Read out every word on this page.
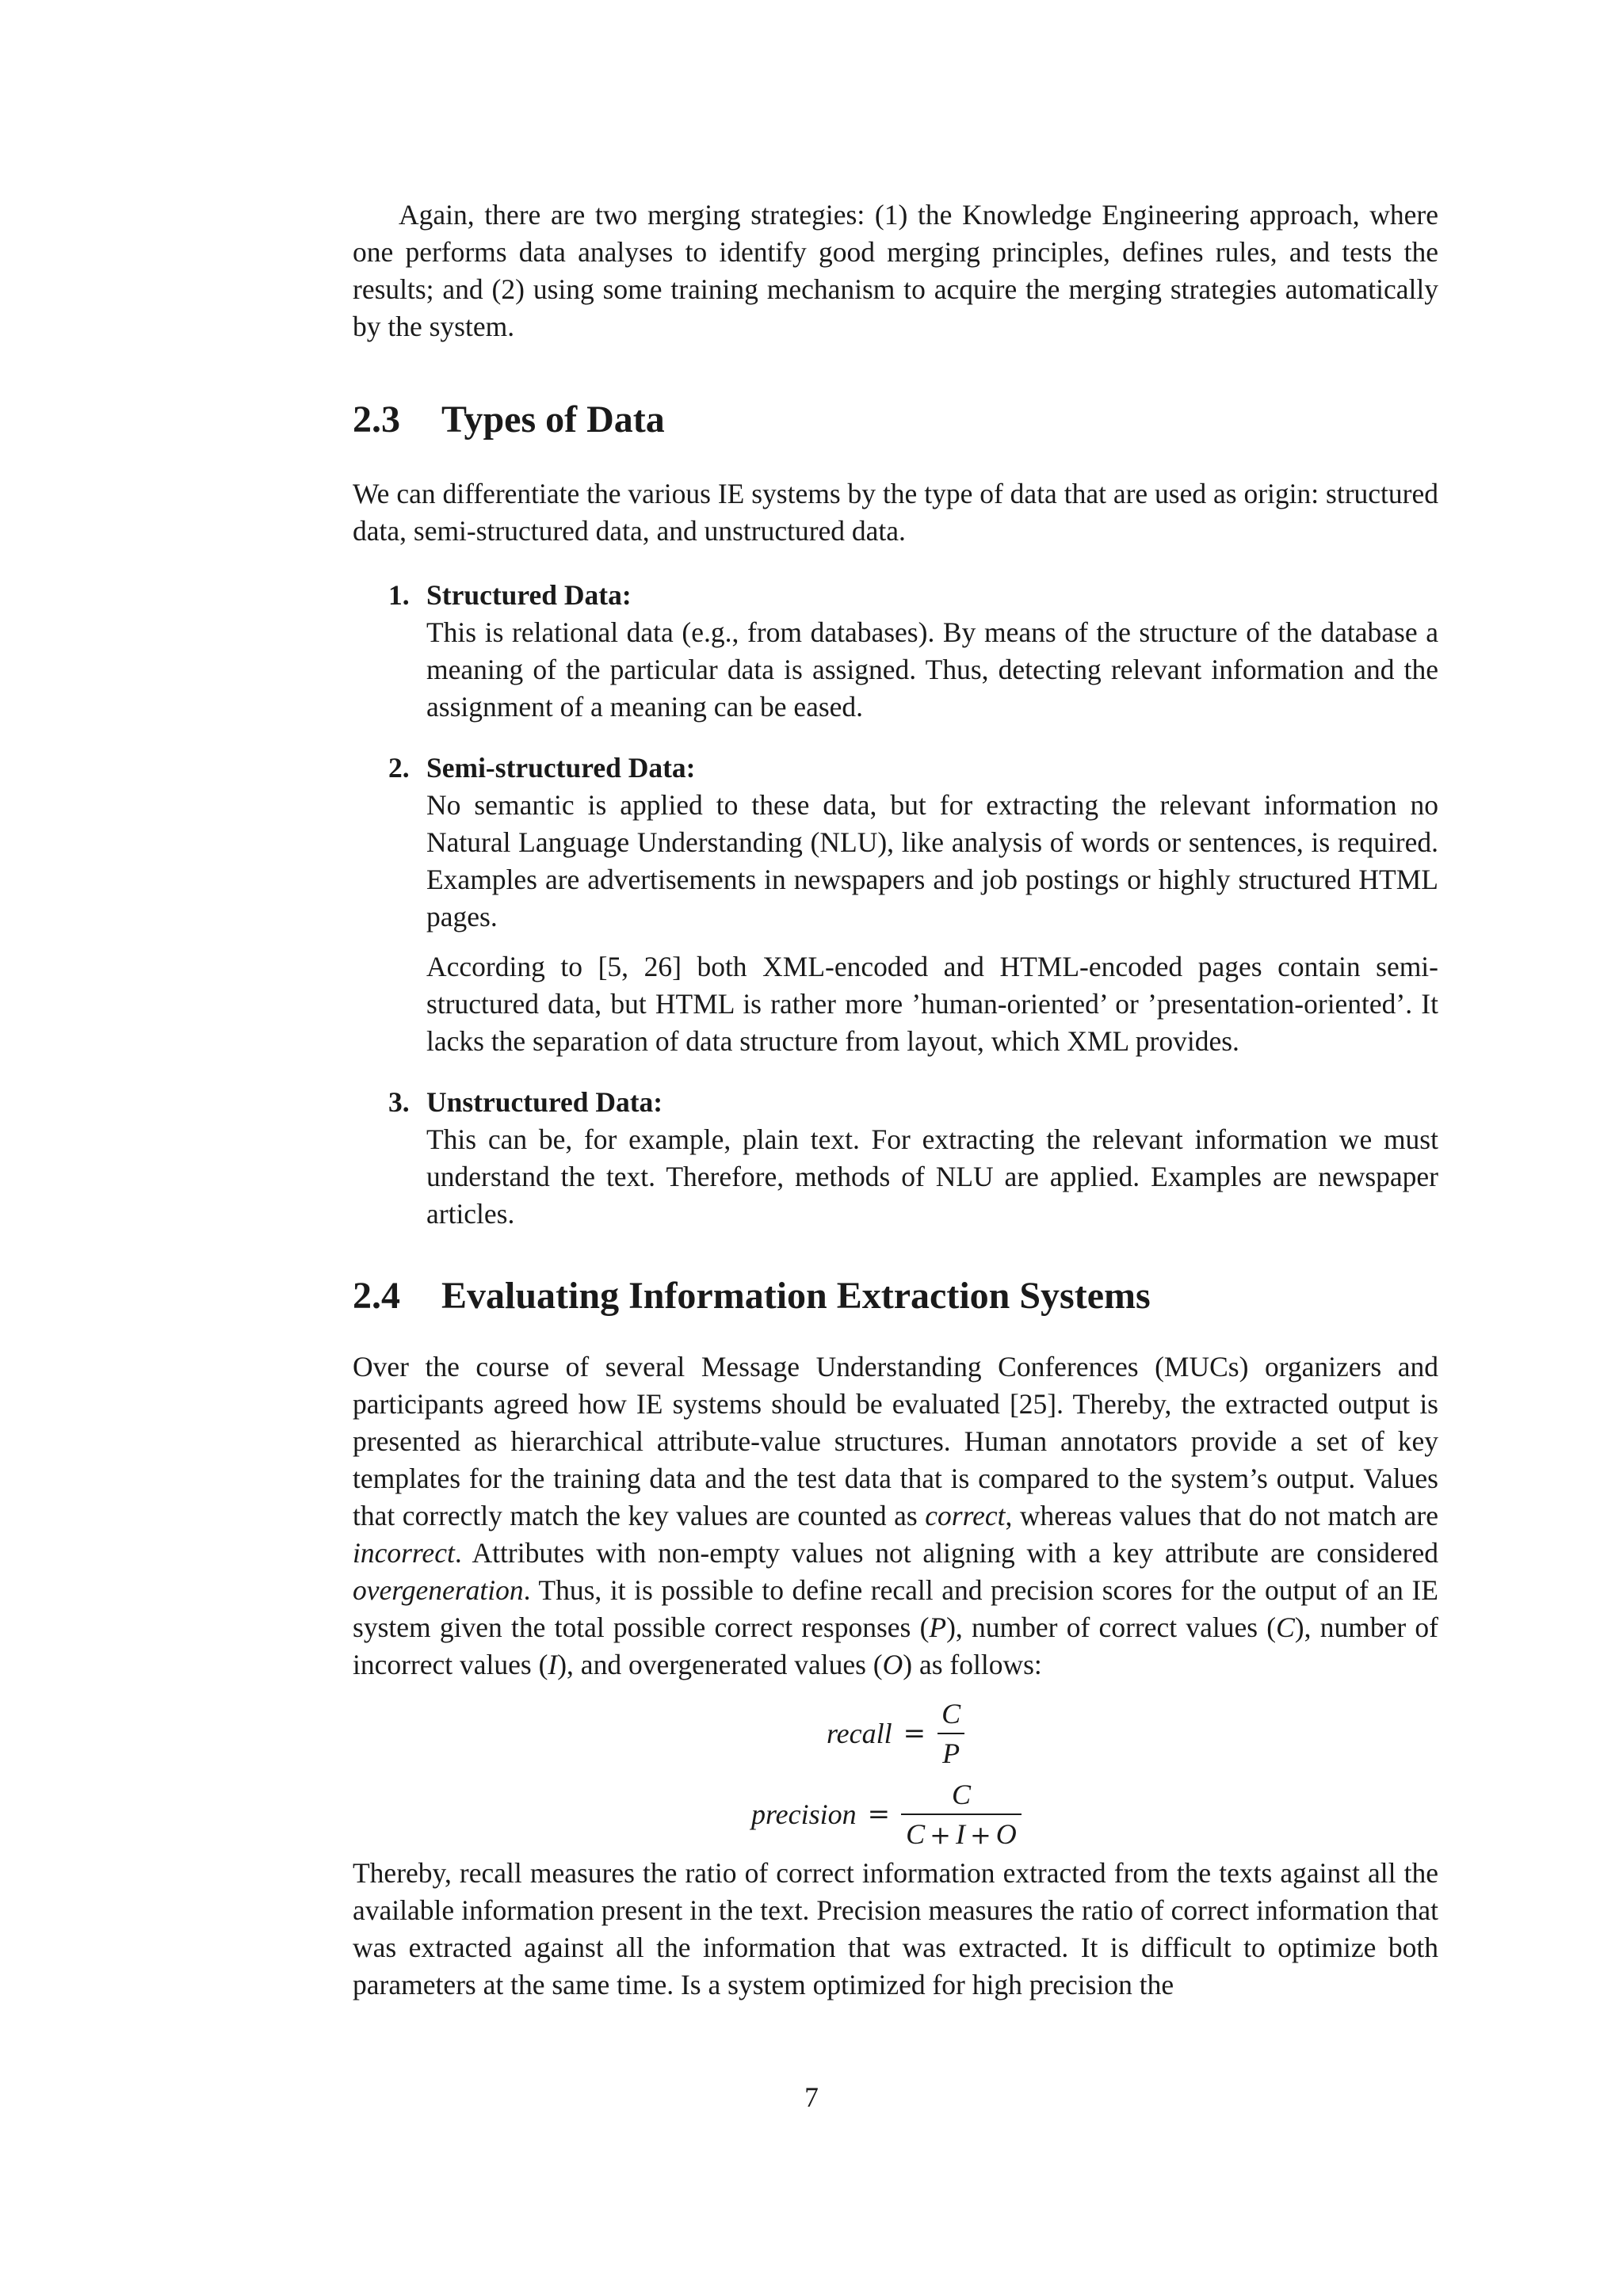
Again, there are two merging strategies: (1) the Knowledge Engineering approach, where one performs data analyses to identify good merging principles, defines rules, and tests the results; and (2) using some training mechanism to acquire the merging strategies automatically by the system.

2.3 Types of Data

We can differentiate the various IE systems by the type of data that are used as origin: structured data, semi-structured data, and unstructured data.

1. Structured Data:

This is relational data (e.g., from databases). By means of the structure of the database a meaning of the particular data is assigned. Thus, detecting relevant information and the assignment of a meaning can be eased.

2. Semi-structured Data:

No semantic is applied to these data, but for extracting the relevant information no Natural Language Understanding (NLU), like analysis of words or sentences, is required. Examples are advertisements in newspapers and job postings or highly structured HTML pages.

According to [5, 26] both XML-encoded and HTML-encoded pages contain semi-structured data, but HTML is rather more ’human-oriented’ or ’presentation-oriented’. It lacks the separation of data structure from layout, which XML provides.

3. Unstructured Data:

This can be, for example, plain text. For extracting the relevant information we must understand the text. Therefore, methods of NLU are applied. Examples are newspaper articles.

2.4 Evaluating Information Extraction Systems

Over the course of several Message Understanding Conferences (MUCs) organizers and participants agreed how IE systems should be evaluated [25]. Thereby, the extracted output is presented as hierarchical attribute-value structures. Human annotators provide a set of key templates for the training data and the test data that is compared to the system’s output. Values that correctly match the key values are counted as correct, whereas values that do not match are incorrect. Attributes with non-empty values not aligning with a key attribute are considered overgeneration. Thus, it is possible to define recall and precision scores for the output of an IE system given the total possible correct responses (P), number of correct values (C), number of incorrect values (I), and overgenerated values (O) as follows:

recall = $\frac{C}{P}$
precision = $\frac{C}{C + I + O}$

Thereby, recall measures the ratio of correct information extracted from the texts against all the available information present in the text. Precision measures the ratio of correct information that was extracted against all the information that was extracted. It is difficult to optimize both parameters at the same time. Is a system optimized for high precision the

7
